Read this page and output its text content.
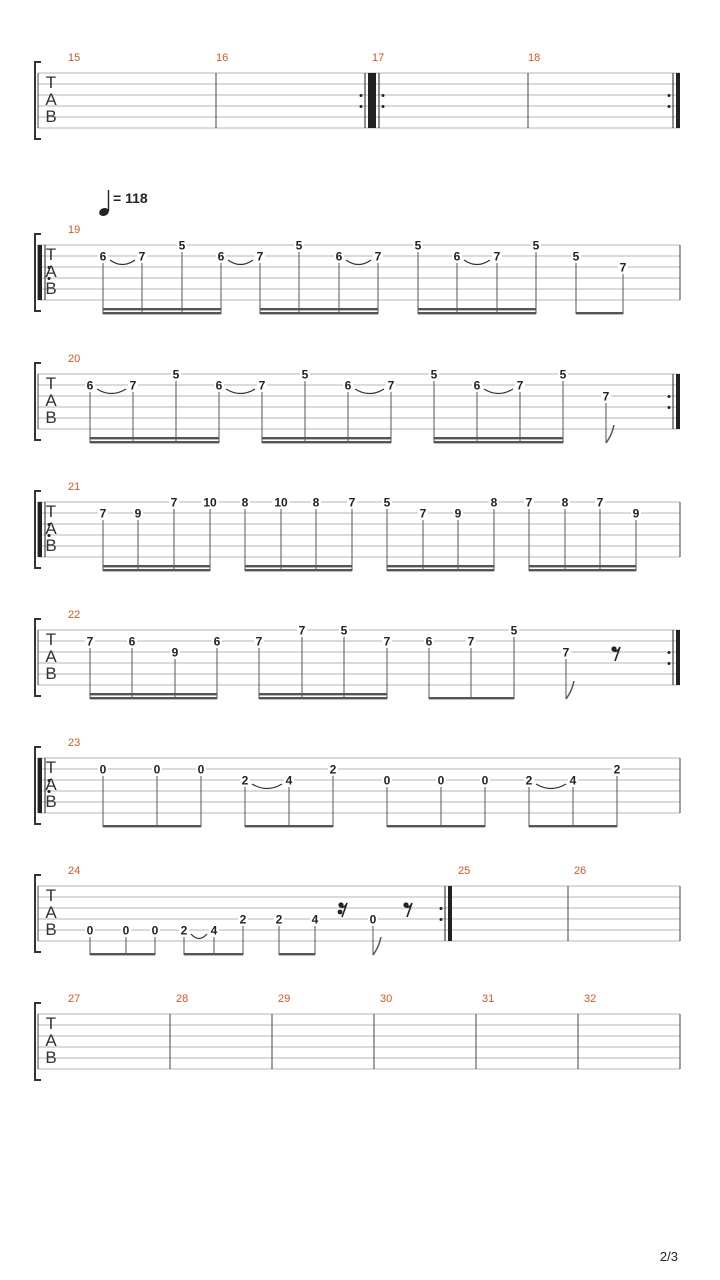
T
A
B
15	16	17	18
T
A
B
= 118
19
6	7
5
6	7
5
6	7
5
6	7
5
5
7
T
A
B
20
6	7
5
6	7
5
6	7
5
6	7
5
7
T
A
B
21
7 9
7 10 8 10 8 7 5
7 9
8 7 8 7
9
T
A
B
22
7	6
9
6	7
7	5
7	6	7
5
7
T
A
B
23
0	0	0
2	4
2
0	0	0	2	4
2
T
A
B
24
0 0 0 2 4
2 2 4	0
25	26
T
A
B
27	28	29	30	31	32
2/3
